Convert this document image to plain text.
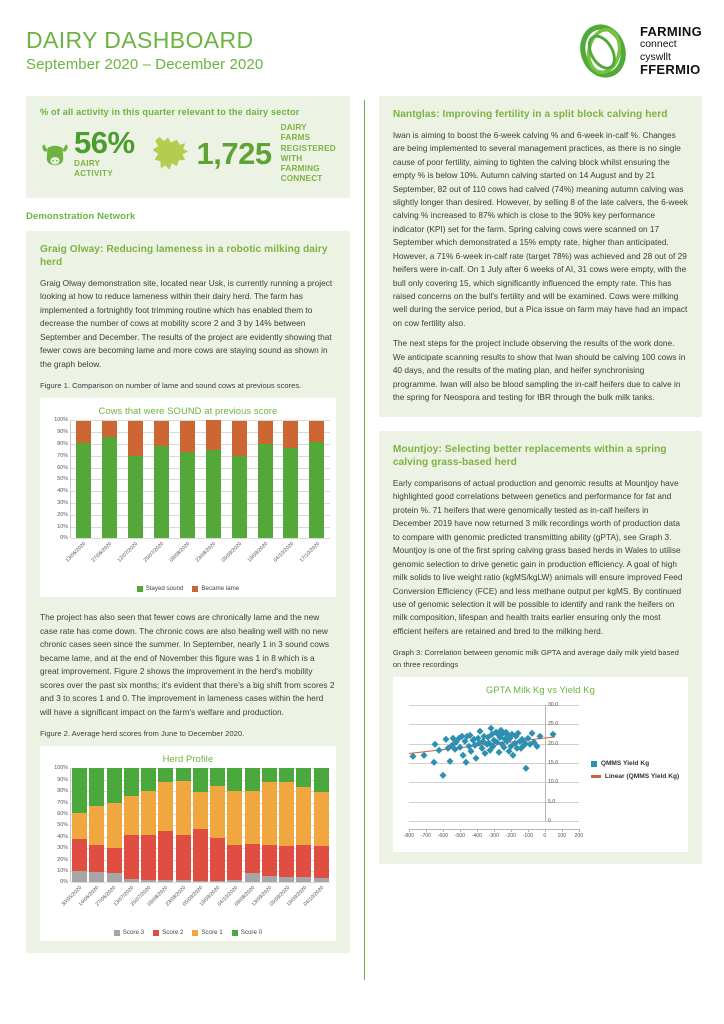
DAIRY DASHBOARD
September 2020 – December 2020
FARMING
connect
cyswllt
FFERMIO
% of all activity in this quarter relevant to the dairy sector
56%
DAIRY ACTIVITY
1,725
DAIRY FARMS REGISTERED WITH FARMING CONNECT
Demonstration Network
Graig Olway: Reducing lameness in a robotic milking dairy herd
Graig Olway demonstration site, located near Usk, is currently running a project looking at how to reduce lameness within their dairy herd. The farm has implemented a fortnightly foot trimming routine which has enabled them to decrease the number of cows at mobility score 2 and 3 by 14% between September and December. The results of the project are evidently showing that fewer cows are becoming lame and more cows are staying sound as shown in the graph below.
Figure 1. Comparison on number of lame and sound cows at previous scores.
Cows that were SOUND at previous score
0%
10%
20%
30%
40%
50%
60%
70%
80%
90%
100%
13/06/2020 27/06/2020 12/07/2020 25/07/2020 09/08/2020 23/08/2020 05/09/2020 19/09/2020 04/10/2020 17/10/2020
Stayed sound	Became lame
The project has also seen that fewer cows are chronically lame and the new case rate has come down. The chronic cows are also healing well with no new chronic cases seen since the summer. In September, nearly 1 in 3 sound cows became lame, and at the end of November this figure was 1 in 8 which is a great improvement. Figure 2 shows the improvement in the herd's mobility scores over the past six months; it's evident that there's a big shift from scores 2 and 3 to scores 1 and 0. The improvement in lameness cases within the herd will have a significant impact on the farm's welfare and production.
Figure 2. Average herd scores from June to December 2020.
Herd Profile
0%
10%
20%
30%
40%
50%
60%
70%
80%
90%
100%
30/05/2020
14/06/2020
27/06/2020
13/07/2020
25/07/2020
09/08/2020
23/08/2020
05/09/2020
19/09/2020
04/10/2020
09/08/2020
13/09/2020
05/09/2020
19/09/2020
04/10/2020
Score 3	Score 2	Score 1	Score 0
Nantglas: Improving fertility in a split block calving herd
Iwan is aiming to boost the 6-week calving % and 6-week in-calf %. Changes are being implemented to several management practices, as there is no single cause of poor fertility, aiming to tighten the calving block whilst ensuring the empty % is below 10%. Autumn calving started on 14 August and by 21 September, 82 out of 110 cows had calved (74%) meaning autumn calving was slightly longer than desired. However, by selling 8 of the late calvers, the 6-week calving % increased to 87% which is close to the 90% key performance indicator (KPI) set for the farm. Spring calving cows were scanned on 17 September which demonstrated a 15% empty rate, higher than anticipated. However, a 71% 6-week in-calf rate (target 78%) was achieved and 28 out of 29 heifers were in-calf. On 1 July after 6 weeks of AI, 31 cows were empty, with the bull only covering 15, which significantly influenced the empty rate. This has raised concerns on the bull's fertility and will be examined. Cows were milking well during the service period, but a Pica issue on farm may have had an impact on cow fertility also.
The next steps for the project include observing the results of the work done. We anticipate scanning results to show that Iwan should be calving 100 cows in 40 days, and the results of the mating plan, and heifer synchronising programme. Iwan will also be blood sampling the in-calf heifers due to calve in the spring for Neospora and testing for IBR through the bulk milk tanks.
Mountjoy: Selecting better replacements within a spring calving grass-based herd
Early comparisons of actual production and genomic results at Mountjoy have highlighted good correlations between genetics and performance for fat and protein %. 71 heifers that were genomically tested as in-calf heifers in December 2019 have now returned 3 milk recordings worth of production data to compare with genomic predicted transmitting ability (gPTA), see Graph 3. Mountjoy is one of the first spring calving grass based herds in Wales to utilise genomic selection to drive genetic gain in production efficiency. A goal of high milk solids to live weight ratio (kgMS/kgLW) animals will ensure improved Feed Conversion Efficiency (FCE) and less methane output per kgMS. By continued use of genomic selection it will be possible to identify and rank the heifers on milk composition, lifespan and health traits earlier ensuring only the most efficient heifers are retained and bred to the milking herd.
Graph 3: Correlation between genomic milk GPTA and average daily milk yield based on three recordings
GPTA Milk Kg vs Yield Kg
0
5.0
10.0
15.0
20.0
25.0
30.0
-800 -700 -600 -500 -400 -300 -200 -100 0 100 200
QMMS Yield Kg
Linear (QMMS Yield Kg)
